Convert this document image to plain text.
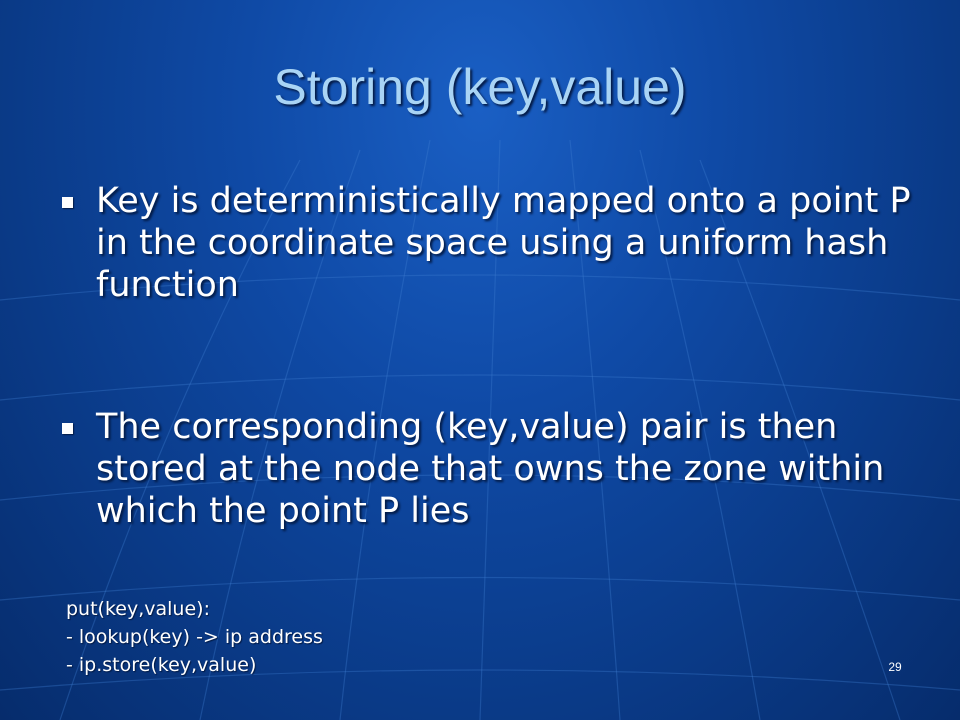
Storing (key,value)
Key is deterministically mapped onto a point P in the coordinate space using a uniform hash function
The corresponding (key,value) pair is then stored at the node that owns the zone within which the point P lies
put(key,value):
- lookup(key) -> ip address
- ip.store(key,value)	29
